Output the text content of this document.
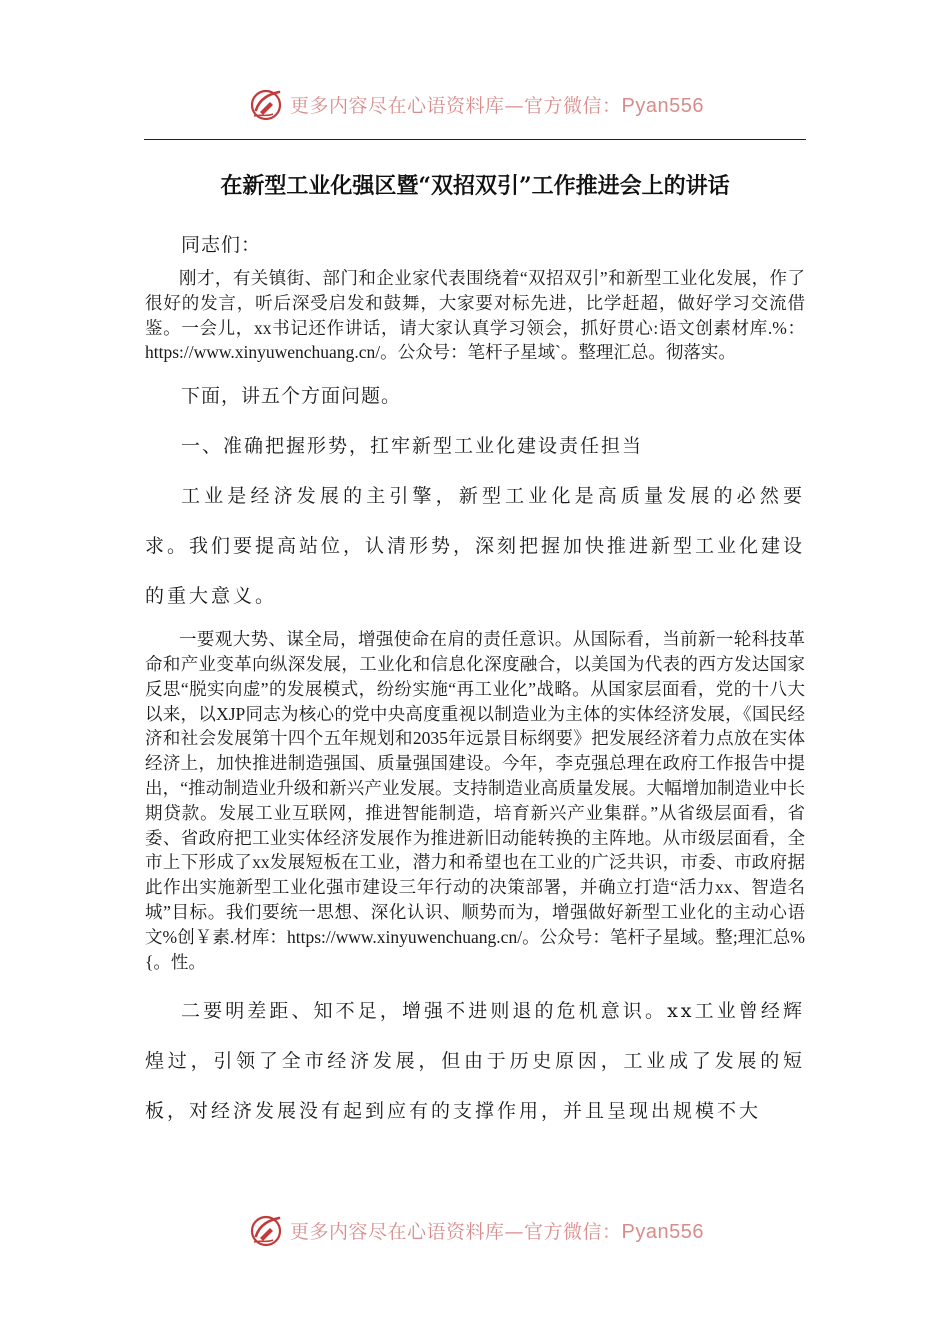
更多内容尽在心语资料库—官方微信：Pyan556
在新型工业化强区暨“双招双引”工作推进会上的讲话

同志们：

刚才，有关镇街、部门和企业家代表围绕着“双招双引”和新型工业化发展，作了很好的发言，听后深受启发和鼓舞，大家要对标先进，比学赶超，做好学习交流借鉴。一会儿，xx书记还作讲话，请大家认真学习领会，抓好贯心:语文创素材库.%：https://www.xinyuwenchuang.cn/。公众号：笔杆子星域`。整理汇总。彻落实。

下面，讲五个方面问题。

一、准确把握形势，扛牢新型工业化建设责任担当

工业是经济发展的主引擎，新型工业化是高质量发展的必然要求。我们要提高站位，认清形势，深刻把握加快推进新型工业化建设的重大意义。

一要观大势、谋全局，增强使命在肩的责任意识。从国际看，当前新一轮科技革命和产业变革向纵深发展，工业化和信息化深度融合，以美国为代表的西方发达国家反思“脱实向虚”的发展模式，纷纷实施“再工业化”战略。从国家层面看，党的十八大以来，以XJP同志为核心的党中央高度重视以制造业为主体的实体经济发展，《国民经济和社会发展第十四个五年规划和2035年远景目标纲要》把发展经济着力点放在实体经济上，加快推进制造强国、质量强国建设。今年，李克强总理在政府工作报告中提出，“推动制造业升级和新兴产业发展。支持制造业高质量发展。大幅增加制造业中长期贷款。发展工业互联网，推进智能制造，培育新兴产业集群。”从省级层面看，省委、省政府把工业实体经济发展作为推进新旧动能转换的主阵地。从市级层面看，全市上下形成了xx发展短板在工业，潜力和希望也在工业的广泛共识，市委、市政府据此作出实施新型工业化强市建设三年行动的决策部署，并确立打造“活力xx、智造名城”目标。我们要统一思想、深化认识、顺势而为，增强做好新型工业化的主动心语文%创￥素.材库：https://www.xinyuwenchuang.cn/。公众号：笔杆子星域。整;理汇总%{。性。

二要明差距、知不足，增强不进则退的危机意识。xx工业曾经辉煌过，引领了全市经济发展，但由于历史原因，工业成了发展的短板，对经济发展没有起到应有的支撑作用，并且呈现出规模不大

更多内容尽在心语资料库—官方微信：Pyan556
